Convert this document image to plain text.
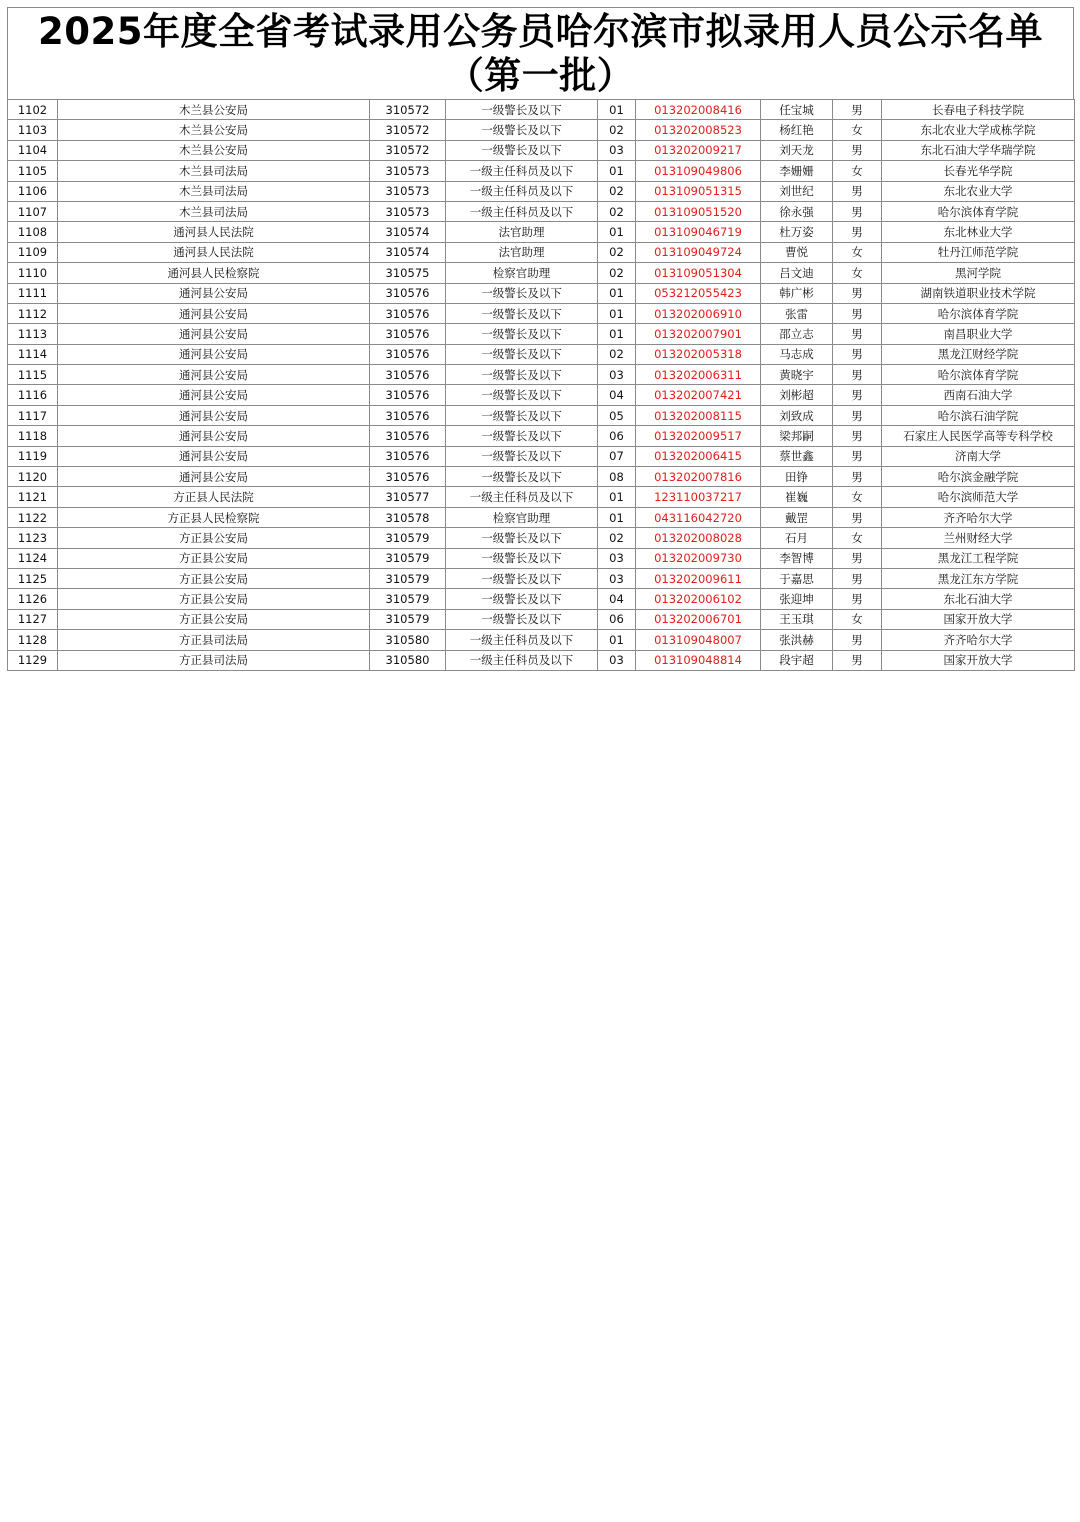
2025年度全省考试录用公务员哈尔滨市拟录用人员公示名单（第一批）
1102	木兰县公安局	310572	一级警长及以下	01	013202008416	任宝城	男	长春电子科技学院
1103	木兰县公安局	310572	一级警长及以下	02	013202008523	杨红艳	女	东北农业大学成栋学院
1104	木兰县公安局	310572	一级警长及以下	03	013202009217	刘天龙	男	东北石油大学华瑞学院
1105	木兰县司法局	310573	一级主任科员及以下	01	013109049806	李姗姗	女	长春光华学院
1106	木兰县司法局	310573	一级主任科员及以下	02	013109051315	刘世纪	男	东北农业大学
1107	木兰县司法局	310573	一级主任科员及以下	02	013109051520	徐永强	男	哈尔滨体育学院
1108	通河县人民法院	310574	法官助理	01	013109046719	杜万姿	男	东北林业大学
1109	通河县人民法院	310574	法官助理	02	013109049724	曹悦	女	牡丹江师范学院
1110	通河县人民检察院	310575	检察官助理	02	013109051304	吕文迪	女	黑河学院
1111	通河县公安局	310576	一级警长及以下	01	053212055423	韩广彬	男	湖南铁道职业技术学院
1112	通河县公安局	310576	一级警长及以下	01	013202006910	张雷	男	哈尔滨体育学院
1113	通河县公安局	310576	一级警长及以下	01	013202007901	邵立志	男	南昌职业大学
1114	通河县公安局	310576	一级警长及以下	02	013202005318	马志成	男	黑龙江财经学院
1115	通河县公安局	310576	一级警长及以下	03	013202006311	黄晓宇	男	哈尔滨体育学院
1116	通河县公安局	310576	一级警长及以下	04	013202007421	刘彬超	男	西南石油大学
1117	通河县公安局	310576	一级警长及以下	05	013202008115	刘致成	男	哈尔滨石油学院
1118	通河县公安局	310576	一级警长及以下	06	013202009517	梁邦嗣	男	石家庄人民医学高等专科学校
1119	通河县公安局	310576	一级警长及以下	07	013202006415	蔡世鑫	男	济南大学
1120	通河县公安局	310576	一级警长及以下	08	013202007816	田铮	男	哈尔滨金融学院
1121	方正县人民法院	310577	一级主任科员及以下	01	123110037217	崔巍	女	哈尔滨师范大学
1122	方正县人民检察院	310578	检察官助理	01	043116042720	戴罡	男	齐齐哈尔大学
1123	方正县公安局	310579	一级警长及以下	02	013202008028	石月	女	兰州财经大学
1124	方正县公安局	310579	一级警长及以下	03	013202009730	李智博	男	黑龙江工程学院
1125	方正县公安局	310579	一级警长及以下	03	013202009611	于嘉思	男	黑龙江东方学院
1126	方正县公安局	310579	一级警长及以下	04	013202006102	张迎坤	男	东北石油大学
1127	方正县公安局	310579	一级警长及以下	06	013202006701	王玉琪	女	国家开放大学
1128	方正县司法局	310580	一级主任科员及以下	01	013109048007	张洪赫	男	齐齐哈尔大学
1129	方正县司法局	310580	一级主任科员及以下	03	013109048814	段宇超	男	国家开放大学
